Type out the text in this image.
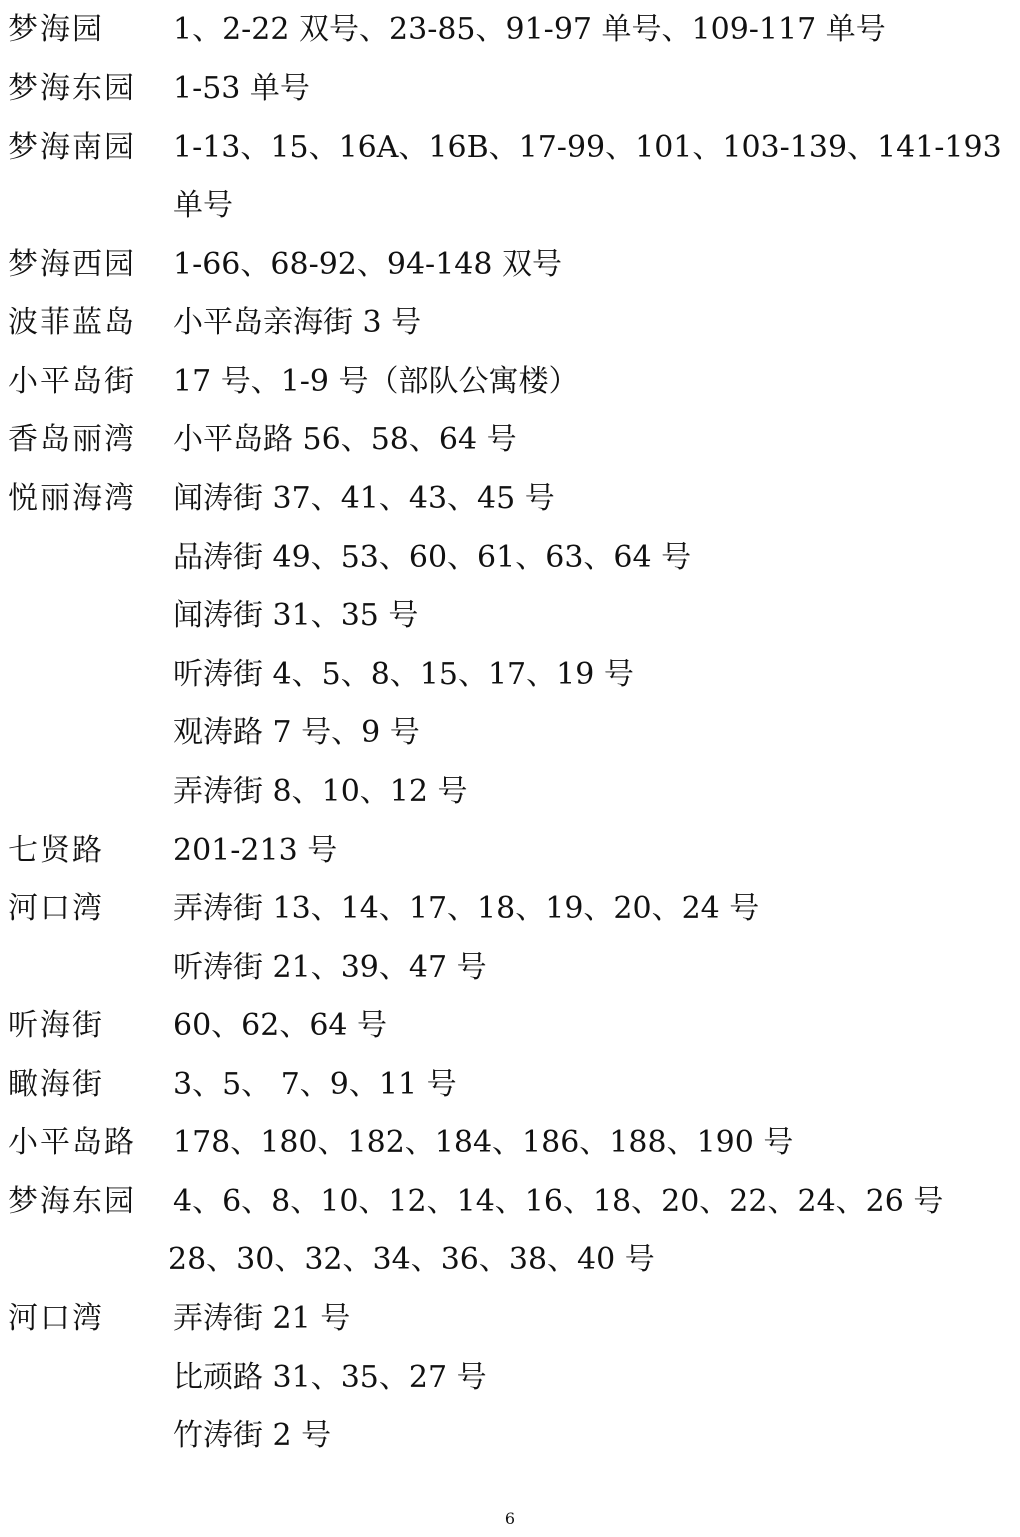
梦海园 1、2-22 双号、23-85、91-97 单号、109-117 单号
梦海东园 1-53 单号
梦海南园 1-13、15、16A、16B、17-99、101、103-139、141-193
单号
梦海西园 1-66、68-92、94-148 双号
波菲蓝岛 小平岛亲海街 3 号
小平岛街 17 号、1-9 号（部队公寓楼）
香岛丽湾 小平岛路 56、58、64 号
悦丽海湾 闻涛街 37、41、43、45 号
品涛街 49、53、60、61、63、64 号
闻涛街 31、35 号
听涛街 4、5、8、15、17、19 号
观涛路 7 号、9 号
弄涛街 8、10、12 号
七贤路 201-213 号
河口湾 弄涛街 13、14、17、18、19、20、24 号
听涛街 21、39、47 号
听海街 60、62、64 号
瞰海街 3、5、 7、9、11 号
小平岛路 178、180、182、184、186、188、190 号
梦海东园 4、6、8、10、12、14、16、18、20、22、24、26 号
28、30、32、34、36、38、40 号
河口湾 弄涛街 21 号
比顽路 31、35、27 号
竹涛街 2 号
6
